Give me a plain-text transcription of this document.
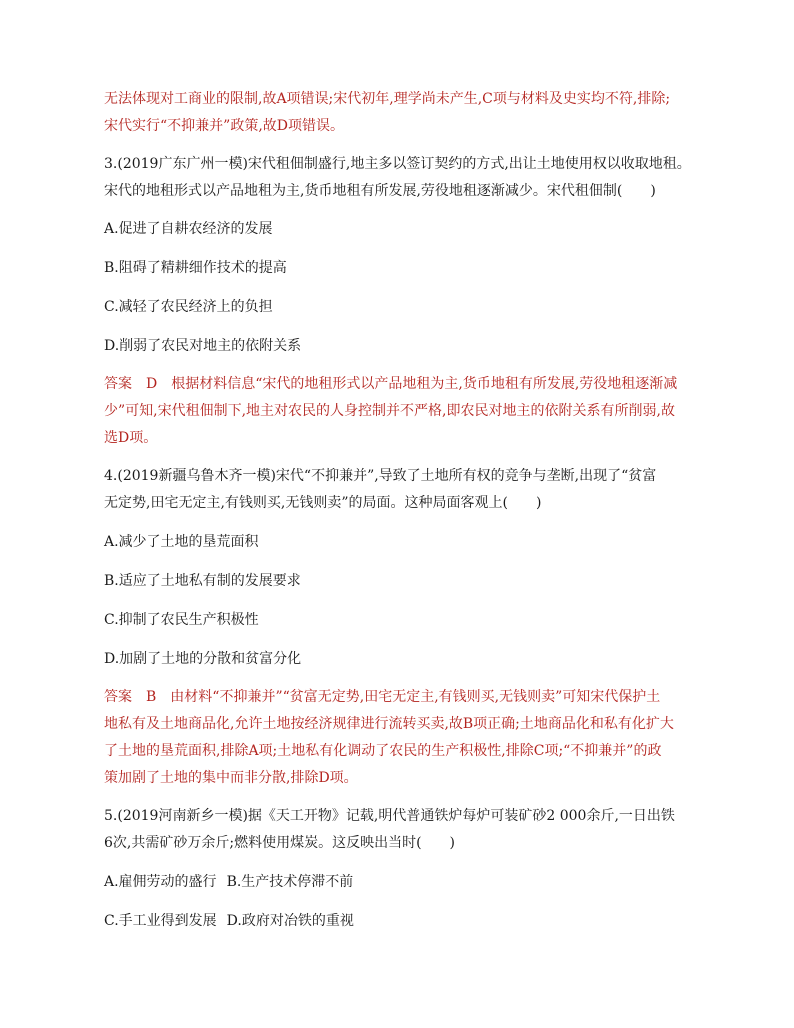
无法体现对工商业的限制,故A项错误;宋代初年,理学尚未产生,C项与材料及史实均不符,排除;
宋代实行“不抑兼并”政策,故D项错误。
3.(2019广东广州一模)宋代租佃制盛行,地主多以签订契约的方式,出让土地使用权以收取地租。
宋代的地租形式以产品地租为主,货币地租有所发展,劳役地租逐渐减少。宋代租佃制(　　)
A.促进了自耕农经济的发展
B.阻碍了精耕细作技术的提高
C.减轻了农民经济上的负担
D.削弱了农民对地主的依附关系
答案　D　根据材料信息“宋代的地租形式以产品地租为主,货币地租有所发展,劳役地租逐渐减
少”可知,宋代租佃制下,地主对农民的人身控制并不严格,即农民对地主的依附关系有所削弱,故
选D项。
4.(2019新疆乌鲁木齐一模)宋代“不抑兼并”,导致了土地所有权的竞争与垄断,出现了“贫富
无定势,田宅无定主,有钱则买,无钱则卖”的局面。这种局面客观上(　　)
A.减少了土地的垦荒面积
B.适应了土地私有制的发展要求
C.抑制了农民生产积极性
D.加剧了土地的分散和贫富分化
答案　B　由材料“不抑兼并”“贫富无定势,田宅无定主,有钱则买,无钱则卖”可知宋代保护土
地私有及土地商品化,允许土地按经济规律进行流转买卖,故B项正确;土地商品化和私有化扩大
了土地的垦荒面积,排除A项;土地私有化调动了农民的生产积极性,排除C项;“不抑兼并”的政
策加剧了土地的集中而非分散,排除D项。
5.(2019河南新乡一模)据《天工开物》记载,明代普通铁炉每炉可装矿砂2 000余斤,一日出铁
6次,共需矿砂万余斤;燃料使用煤炭。这反映出当时(　　)
A.雇佣劳动的盛行 B.生产技术停滞不前
C.手工业得到发展 D.政府对冶铁的重视
